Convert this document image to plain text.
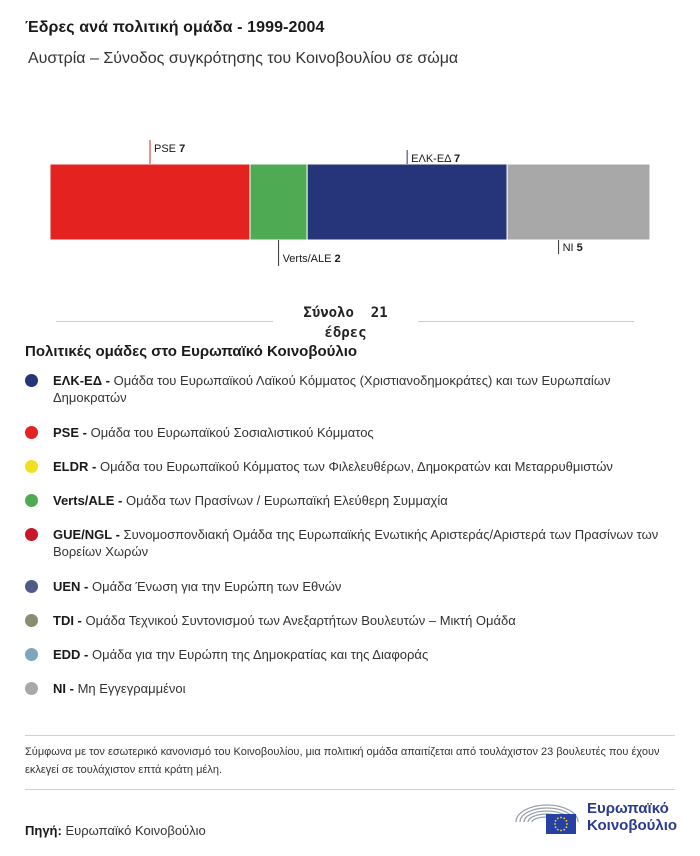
Έδρες ανά πολιτική ομάδα - 1999-2004
Αυστρία – Σύνοδος συγκρότησης του Κοινοβουλίου σε σώμα
PSE 7
Verts/ALE 2
ΕΛΚ-ΕΔ 7
NI 5
Σύνολο 21
έδρες
Πολιτικές ομάδες στο Ευρωπαϊκό Κοινοβούλιο
ΕΛΚ-ΕΔ - Ομάδα του Ευρωπαϊκού Λαϊκού Κόμματος (Χριστιανοδημοκράτες) και των Ευρωπαίων Δημοκρατών
PSE - Ομάδα του Ευρωπαϊκού Σοσιαλιστικού Κόμματος
ELDR - Ομάδα του Ευρωπαϊκού Κόμματος των Φιλελευθέρων, Δημοκρατών και Μεταρρυθμιστών
Verts/ALE - Ομάδα των Πρασίνων / Ευρωπαϊκή Ελεύθερη Συμμαχία
GUE/NGL - Συνομοσπονδιακή Ομάδα της Ευρωπαϊκής Ενωτικής Αριστεράς/Αριστερά των Πρασίνων των Βορείων Χωρών
UEN - Ομάδα Ένωση για την Ευρώπη των Εθνών
TDI - Ομάδα Τεχνικού Συντονισμού των Ανεξαρτήτων Βουλευτών – Μικτή Ομάδα
EDD - Ομάδα για την Ευρώπη της Δημοκρατίας και της Διαφοράς
NI - Μη Εγγεγραμμένοι
Σύμφωνα με τον εσωτερικό κανονισμό του Κοινοβουλίου, μια πολιτική ομάδα απαιτίζεται από τουλάχιστον 23 βουλευτές που έχουν εκλεγεί σε τουλάχιστον επτά κράτη μέλη.
Πηγή: Ευρωπαϊκό Κοινοβούλιο
Ευρωπαϊκό
Κοινοβούλιο
